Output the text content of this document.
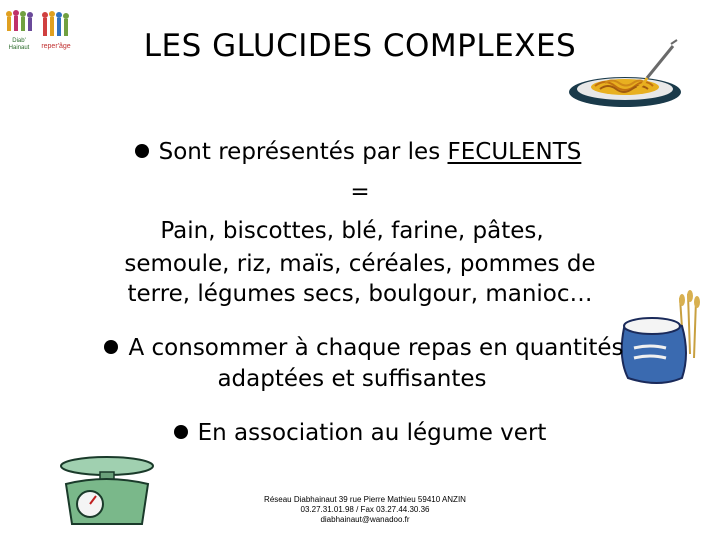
Diab'
Hainaut reper'âge	LES GLUCIDES COMPLEXES
Sont représentés par les FECULENTS
=
Pain, biscottes, blé, farine, pâtes,
semoule, riz, maïs, céréales, pommes de
terre, légumes secs, boulgour, manioc…
A consommer à chaque repas en quantités
adaptées et suffisantes
En association au légume vert
Réseau Diabhainaut 39 rue Pierre Mathieu 59410 ANZIN
03.27.31.01.98 / Fax 03.27.44.30.36
diabhainaut@wanadoo.fr
